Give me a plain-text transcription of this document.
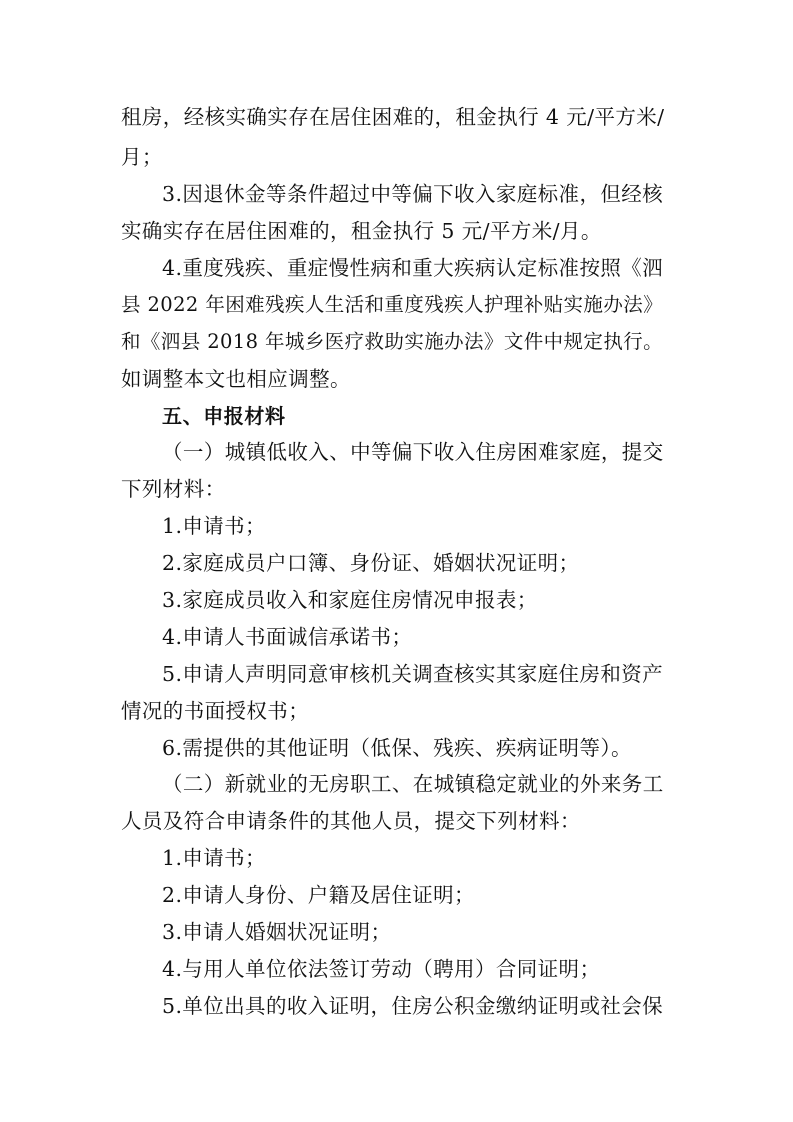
租房，经核实确实存在居住困难的，租金执行 4 元/平方米/
月；
3.因退休金等条件超过中等偏下收入家庭标准，但经核
实确实存在居住困难的，租金执行 5 元/平方米/月。
4.重度残疾、重症慢性病和重大疾病认定标准按照《泗
县 2022 年困难残疾人生活和重度残疾人护理补贴实施办法》
和《泗县 2018 年城乡医疗救助实施办法》文件中规定执行。
如调整本文也相应调整。
五、申报材料
（一）城镇低收入、中等偏下收入住房困难家庭，提交
下列材料：
1.申请书；
2.家庭成员户口簿、身份证、婚姻状况证明；
3.家庭成员收入和家庭住房情况申报表；
4.申请人书面诚信承诺书；
5.申请人声明同意审核机关调查核实其家庭住房和资产
情况的书面授权书；
6.需提供的其他证明（低保、残疾、疾病证明等）。
（二）新就业的无房职工、在城镇稳定就业的外来务工
人员及符合申请条件的其他人员，提交下列材料：
1.申请书；
2.申请人身份、户籍及居住证明；
3.申请人婚姻状况证明；
4.与用人单位依法签订劳动（聘用）合同证明；
5.单位出具的收入证明，住房公积金缴纳证明或社会保
